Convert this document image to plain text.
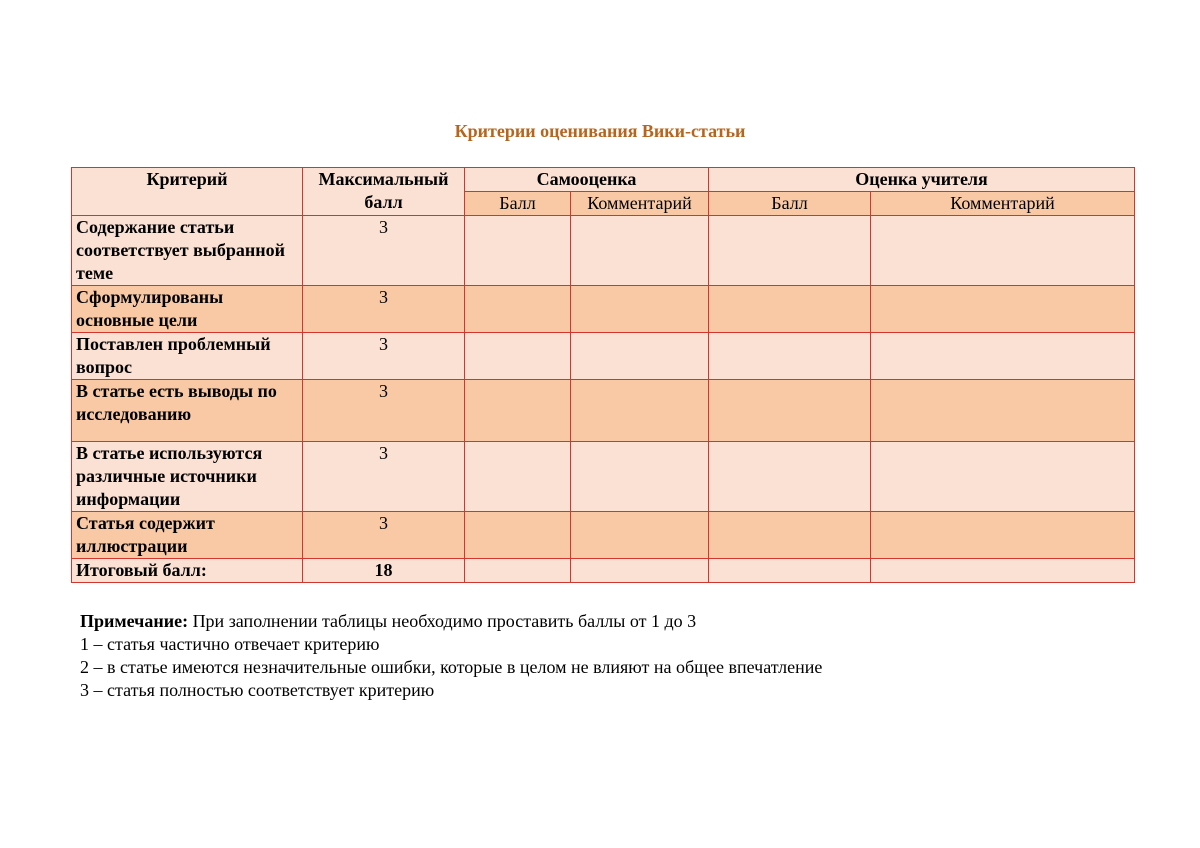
Критерии оценивания Вики-статьи
Критерий	Максимальный балл	Самооценка		Оценка учителя	
		Балл	Комментарий	Балл	Комментарий
Содержание статьи соответствует выбранной теме	3				
Сформулированы основные цели	3				
Поставлен проблемный вопрос	3				
В статье есть выводы по исследованию	3				
В статье используются различные источники информации	3				
Статья содержит иллюстрации	3				
Итоговый балл:	18				
Примечание: При заполнении таблицы необходимо проставить баллы от 1 до 3
1 – статья частично отвечает критерию
2 – в статье имеются незначительные ошибки, которые в целом не влияют на общее впечатление
3 – статья полностью соответствует критерию
